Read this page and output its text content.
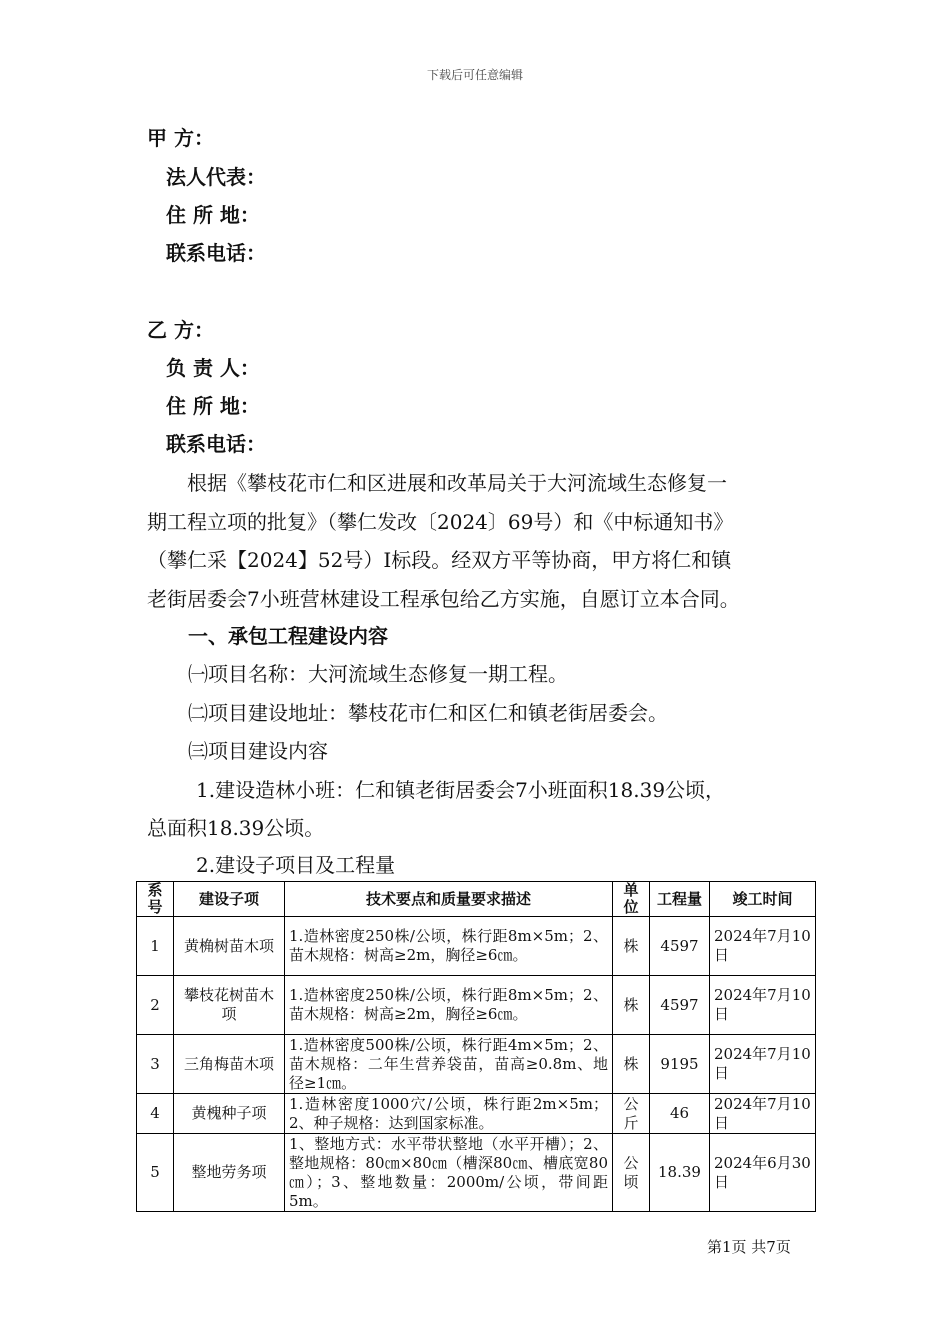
下载后可任意编辑
甲 方：
法人代表：
住 所 地：
联系电话：
乙 方：
负 责 人：
住 所 地：
联系电话：
根据《攀枝花市仁和区进展和改革局关于大河流域生态修复一
期工程立项的批复》（攀仁发改〔2024〕69号）和《中标通知书》
（攀仁采【2024】52号）Ⅰ标段。经双方平等协商，甲方将仁和镇
老街居委会7小班营林建设工程承包给乙方实施，自愿订立本合同。
一、承包工程建设内容
㈠项目名称：大河流域生态修复一期工程。
㈡项目建设地址：攀枝花市仁和区仁和镇老街居委会。
㈢项目建设内容
1.建设造林小班：仁和镇老街居委会7小班面积18.39公顷，
总面积18.39公顷。
2.建设子项目及工程量
系号	建设子项	技术要点和质量要求描述	单位	工程量	竣工时间
1	黄桷树苗木项	1.造林密度250株/公顷，株行距8m×5m；2、苗木规格：树高≥2m，胸径≥6㎝。	株	4597	2024年7月10日
2	攀枝花树苗木项	1.造林密度250株/公顷，株行距8m×5m；2、苗木规格：树高≥2m，胸径≥6㎝。	株	4597	2024年7月10日
3	三角梅苗木项	1.造林密度500株/公顷，株行距4m×5m；2、苗木规格：二年生营养袋苗，苗高≥0.8m、地径≥1㎝。	株	9195	2024年7月10日
4	黄槐种子项	1.造林密度1000穴/公顷，株行距2m×5m；2、种子规格：达到国家标准。	公斤	46	2024年7月10日
5	整地劳务项	1、整地方式：水平带状整地（水平开槽）；2、整地规格：80㎝×80㎝（槽深80㎝、槽底宽80㎝）；3、整地数量：2000m/公顷，带间距5m。	公顷	18.39	2024年6月30日
第1页 共7页
